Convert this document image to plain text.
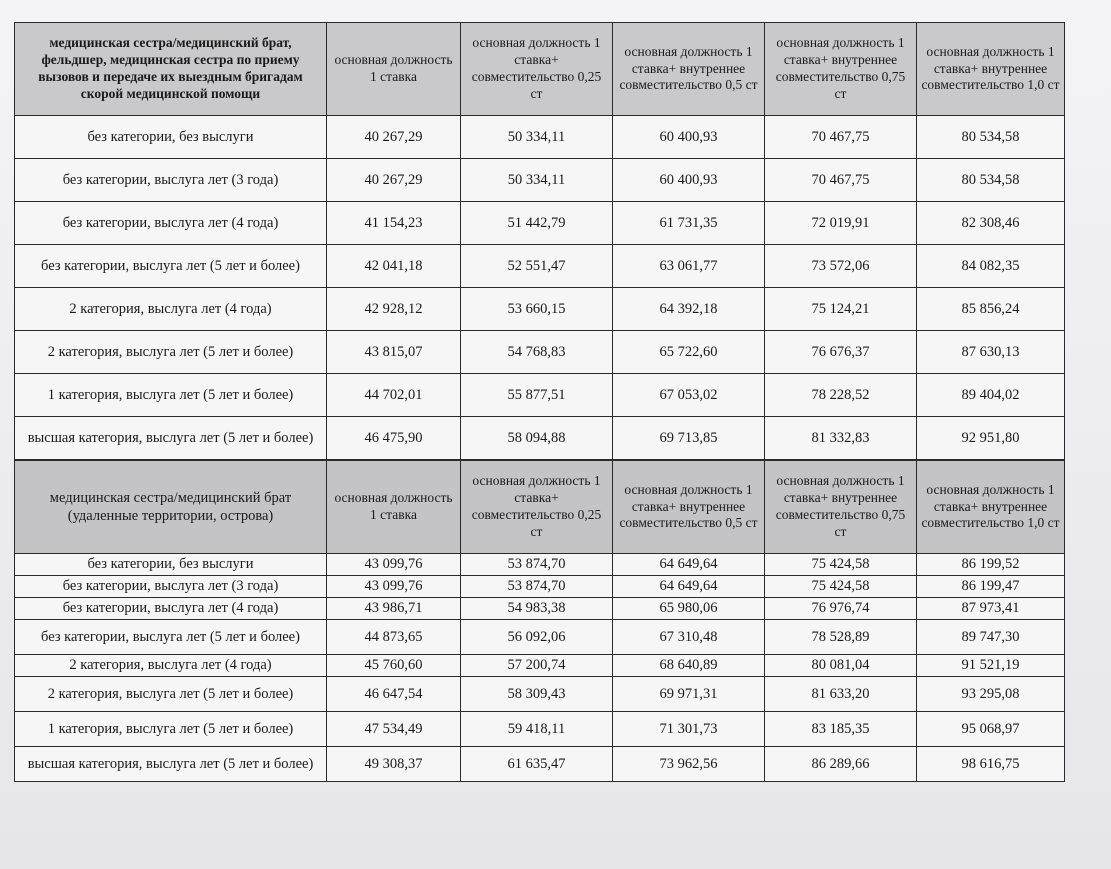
медицинская сестра/медицинский брат, фельдшер, медицинская сестра по приему вызовов и передаче их выездным бригадам скорой медицинской помощи	основная должность 1 ставка	основная должность 1 ставка+ совместительство 0,25 ст	основная должность 1 ставка+ внутреннее совместительство 0,5 ст	основная должность 1 ставка+ внутреннее совместительство 0,75 ст	основная должность 1 ставка+ внутреннее совместительство 1,0 ст
без категории, без выслуги	40 267,29	50 334,11	60 400,93	70 467,75	80 534,58
без категории, выслуга лет (3 года)	40 267,29	50 334,11	60 400,93	70 467,75	80 534,58
без категории, выслуга лет (4 года)	41 154,23	51 442,79	61 731,35	72 019,91	82 308,46
без категории, выслуга лет (5 лет и более)	42 041,18	52 551,47	63 061,77	73 572,06	84 082,35
2 категория, выслуга лет (4 года)	42 928,12	53 660,15	64 392,18	75 124,21	85 856,24
2 категория, выслуга лет (5 лет и более)	43 815,07	54 768,83	65 722,60	76 676,37	87 630,13
1 категория, выслуга лет (5 лет и более)	44 702,01	55 877,51	67 053,02	78 228,52	89 404,02
высшая категория, выслуга лет (5 лет и более)	46 475,90	58 094,88	69 713,85	81 332,83	92 951,80
медицинская сестра/медицинский брат (удаленные территории, острова)	основная должность 1 ставка	основная должность 1 ставка+ совместительство 0,25 ст	основная должность 1 ставка+ внутреннее совместительство 0,5 ст	основная должность 1 ставка+ внутреннее совместительство 0,75 ст	основная должность 1 ставка+ внутреннее совместительство 1,0 ст
без категории, без выслуги	43 099,76	53 874,70	64 649,64	75 424,58	86 199,52
без категории, выслуга лет (3 года)	43 099,76	53 874,70	64 649,64	75 424,58	86 199,47
без категории, выслуга лет (4 года)	43 986,71	54 983,38	65 980,06	76 976,74	87 973,41
без категории, выслуга лет (5 лет и более)	44 873,65	56 092,06	67 310,48	78 528,89	89 747,30
2 категория, выслуга лет (4 года)	45 760,60	57 200,74	68 640,89	80 081,04	91 521,19
2 категория, выслуга лет (5 лет и более)	46 647,54	58 309,43	69 971,31	81 633,20	93 295,08
1 категория, выслуга лет (5 лет и более)	47 534,49	59 418,11	71 301,73	83 185,35	95 068,97
высшая категория, выслуга лет (5 лет и более)	49 308,37	61 635,47	73 962,56	86 289,66	98 616,75
